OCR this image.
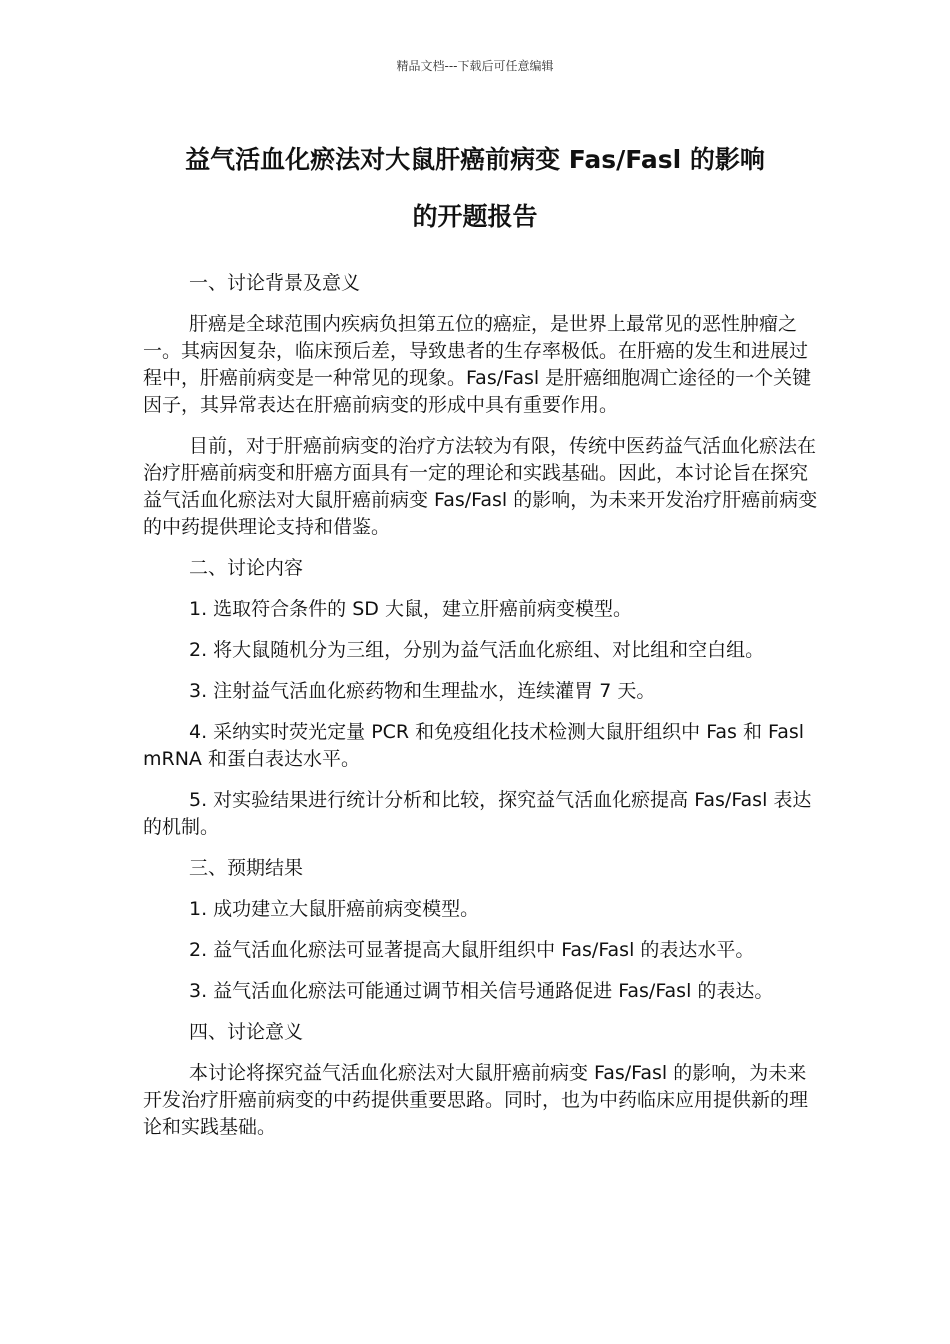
精品文档---下载后可任意编辑
益气活血化瘀法对大鼠肝癌前病变 Fas/Fasl 的影响
的开题报告

一、讨论背景及意义

肝癌是全球范围内疾病负担第五位的癌症，是世界上最常见的恶性肿瘤之一。其病因复杂，临床预后差，导致患者的生存率极低。在肝癌的发生和进展过程中，肝癌前病变是一种常见的现象。Fas/Fasl 是肝癌细胞凋亡途径的一个关键因子，其异常表达在肝癌前病变的形成中具有重要作用。

目前，对于肝癌前病变的治疗方法较为有限，传统中医药益气活血化瘀法在治疗肝癌前病变和肝癌方面具有一定的理论和实践基础。因此，本讨论旨在探究益气活血化瘀法对大鼠肝癌前病变 Fas/Fasl 的影响，为未来开发治疗肝癌前病变的中药提供理论支持和借鉴。

二、讨论内容

1. 选取符合条件的 SD 大鼠，建立肝癌前病变模型。

2. 将大鼠随机分为三组，分别为益气活血化瘀组、对比组和空白组。

3. 注射益气活血化瘀药物和生理盐水，连续灌胃 7 天。

4. 采纳实时荧光定量 PCR 和免疫组化技术检测大鼠肝组织中 Fas 和 Fasl mRNA 和蛋白表达水平。

5. 对实验结果进行统计分析和比较，探究益气活血化瘀提高 Fas/Fasl 表达的机制。

三、预期结果

1. 成功建立大鼠肝癌前病变模型。

2. 益气活血化瘀法可显著提高大鼠肝组织中 Fas/Fasl 的表达水平。

3. 益气活血化瘀法可能通过调节相关信号通路促进 Fas/Fasl 的表达。

四、讨论意义

本讨论将探究益气活血化瘀法对大鼠肝癌前病变 Fas/Fasl 的影响，为未来开发治疗肝癌前病变的中药提供重要思路。同时，也为中药临床应用提供新的理论和实践基础。
